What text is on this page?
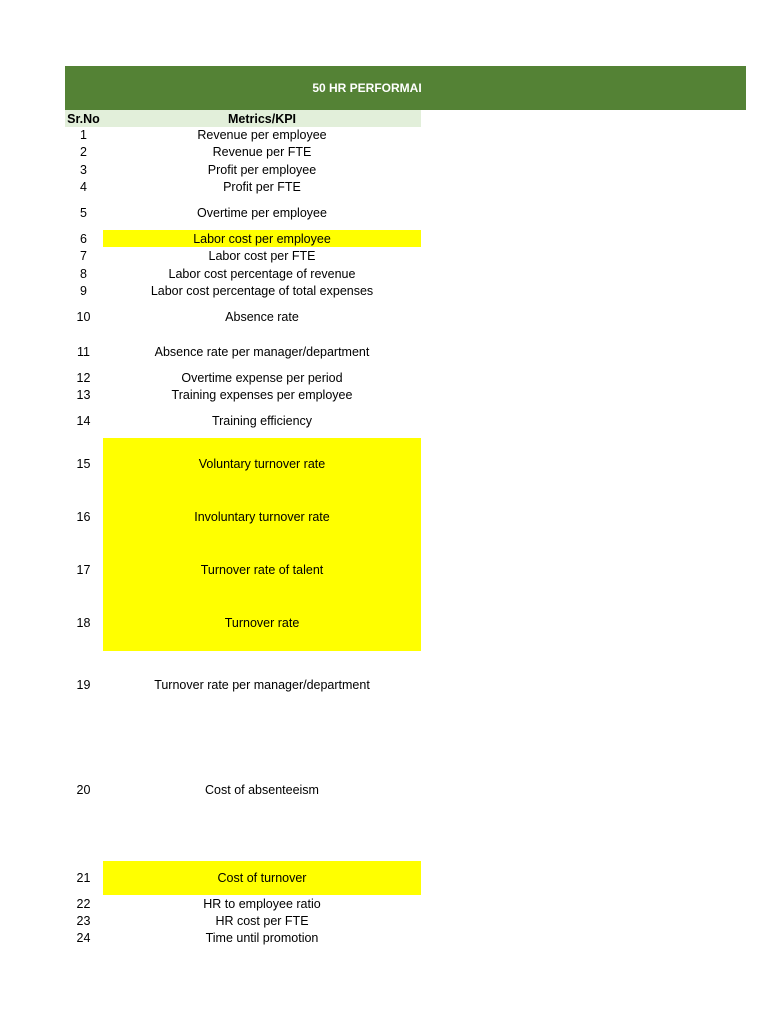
50 HR PERFORMAI
Sr.No	Metrics/KPI
1	Revenue per employee
2	Revenue per FTE
3	Profit per employee
4	Profit per FTE
5	Overtime per employee
6	Labor cost per employee
7	Labor cost per FTE
8	Labor cost percentage of revenue
9	Labor cost percentage of total expenses
10	Absence rate
11	Absence rate per manager/department
12	Overtime expense per period
13	Training expenses per employee
14	Training efficiency
15	Voluntary turnover rate
16	Involuntary turnover rate
17	Turnover rate of talent
18	Turnover rate
19	Turnover rate per manager/department
20	Cost of absenteeism
21	Cost of turnover
22	HR to employee ratio
23	HR cost per FTE
24	Time until promotion
